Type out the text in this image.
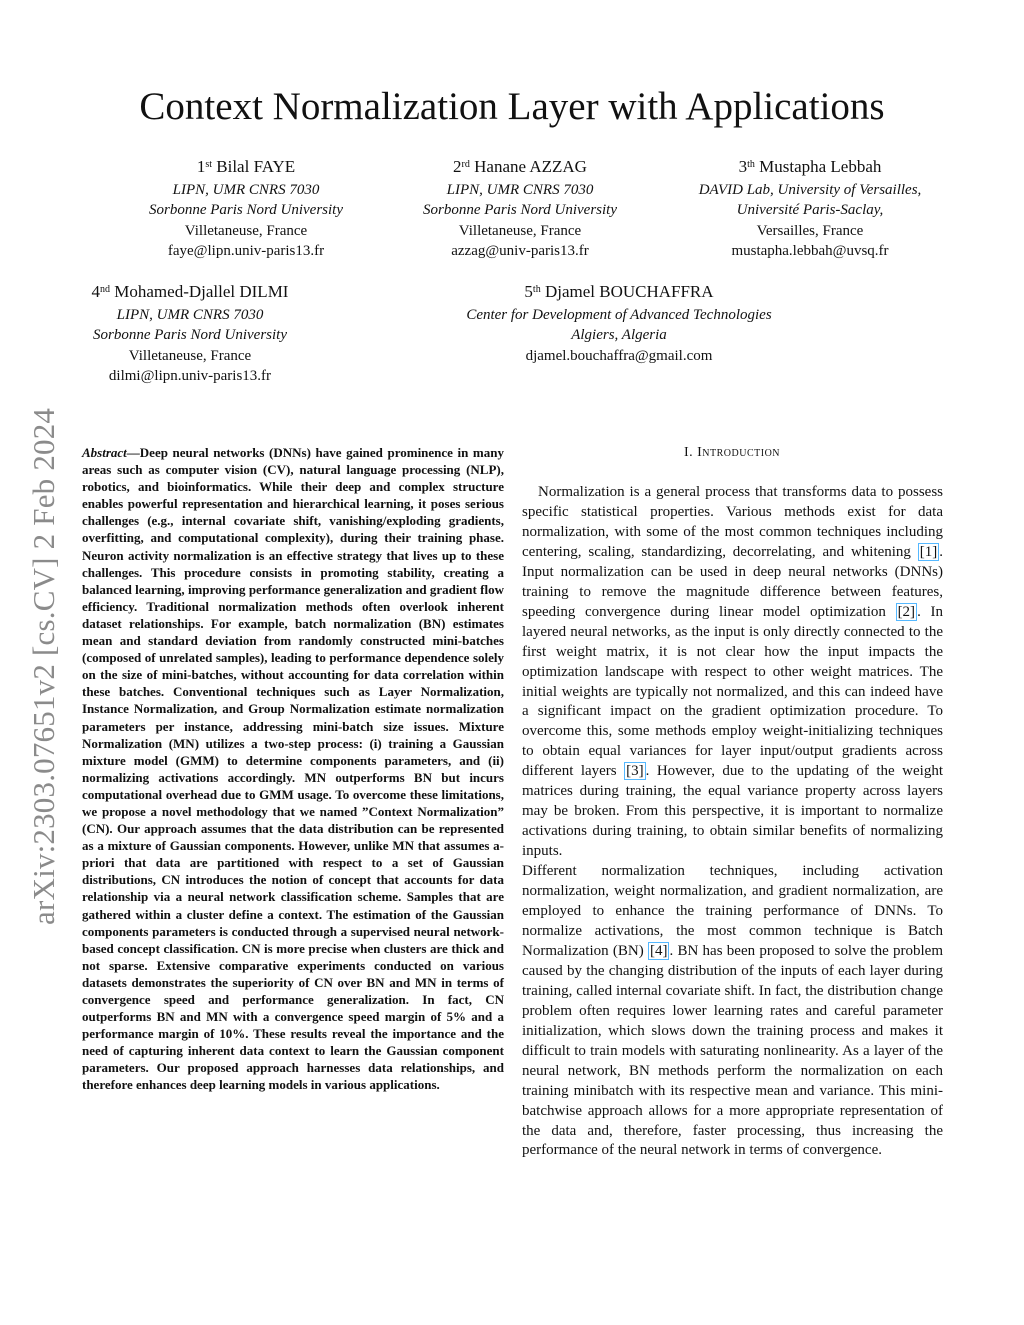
arXiv:2303.07651v2 [cs.CV] 2 Feb 2024
Context Normalization Layer with Applications
1st Bilal FAYE
LIPN, UMR CNRS 7030
Sorbonne Paris Nord University
Villetaneuse, France
faye@lipn.univ-paris13.fr
2rd Hanane AZZAG
LIPN, UMR CNRS 7030
Sorbonne Paris Nord University
Villetaneuse, France
azzag@univ-paris13.fr
3th Mustapha Lebbah
DAVID Lab, University of Versailles,
Université Paris-Saclay,
Versailles, France
mustapha.lebbah@uvsq.fr
4nd Mohamed-Djallel DILMI
LIPN, UMR CNRS 7030
Sorbonne Paris Nord University
Villetaneuse, France
dilmi@lipn.univ-paris13.fr
5th Djamel BOUCHAFFRA
Center for Development of Advanced Technologies
Algiers, Algeria
djamel.bouchaffra@gmail.com
Abstract—Deep neural networks (DNNs) have gained prominence in many areas such as computer vision (CV), natural language processing (NLP), robotics, and bioinformatics. While their deep and complex structure enables powerful representation and hierarchical learning, it poses serious challenges (e.g., internal covariate shift, vanishing/exploding gradients, overfitting, and computational complexity), during their training phase. Neuron activity normalization is an effective strategy that lives up to these challenges. This procedure consists in promoting stability, creating a balanced learning, improving performance generalization and gradient flow efficiency. Traditional normalization methods often overlook inherent dataset relationships. For example, batch normalization (BN) estimates mean and standard deviation from randomly constructed mini-batches (composed of unrelated samples), leading to performance dependence solely on the size of mini-batches, without accounting for data correlation within these batches. Conventional techniques such as Layer Normalization, Instance Normalization, and Group Normalization estimate normalization parameters per instance, addressing mini-batch size issues. Mixture Normalization (MN) utilizes a two-step process: (i) training a Gaussian mixture model (GMM) to determine components parameters, and (ii) normalizing activations accordingly. MN outperforms BN but incurs computational overhead due to GMM usage. To overcome these limitations, we propose a novel methodology that we named ”Context Normalization” (CN). Our approach assumes that the data distribution can be represented as a mixture of Gaussian components. However, unlike MN that assumes a-priori that data are partitioned with respect to a set of Gaussian distributions, CN introduces the notion of concept that accounts for data relationship via a neural network classification scheme. Samples that are gathered within a cluster define a context. The estimation of the Gaussian components parameters is conducted through a supervised neural network-based concept classification. CN is more precise when clusters are thick and not sparse. Extensive comparative experiments conducted on various datasets demonstrates the superiority of CN over BN and MN in terms of convergence speed and performance generalization. In fact, CN outperforms BN and MN with a convergence speed margin of 5% and a performance margin of 10%. These results reveal the importance and the need of capturing inherent data context to learn the Gaussian component parameters. Our proposed approach harnesses data relationships, and therefore enhances deep learning models in various applications.
I. Introduction

Normalization is a general process that transforms data to possess specific statistical properties. Various methods exist for data normalization, with some of the most common techniques including centering, scaling, standardizing, decorrelating, and whitening [1] . Input normalization can be used in deep neural networks (DNNs) training to remove the magnitude difference between features, speeding convergence during linear model optimization [2] . In layered neural networks, as the input is only directly connected to the first weight matrix, it is not clear how the input impacts the optimization landscape with respect to other weight matrices. The initial weights are typically not normalized, and this can indeed have a significant impact on the gradient optimization procedure. To overcome this, some methods employ weight-initializing techniques to obtain equal variances for layer input/output gradients across different layers [3] . However, due to the updating of the weight matrices during training, the equal variance property across layers may be broken. From this perspective, it is important to normalize activations during training, to obtain similar benefits of normalizing inputs.

Different normalization techniques, including activation normalization, weight normalization, and gradient normalization, are employed to enhance the training performance of DNNs. To normalize activations, the most common technique is Batch Normalization (BN) [4] . BN has been proposed to solve the problem caused by the changing distribution of the inputs of each layer during training, called internal covariate shift. In fact, the distribution change problem often requires lower learning rates and careful parameter initialization, which slows down the training process and makes it difficult to train models with saturating nonlinearity. As a layer of the neural network, BN methods perform the normalization on each training minibatch with its respective mean and variance. This mini-batchwise approach allows for a more appropriate representation of the data and, therefore, faster processing, thus increasing the performance of the neural network in terms of convergence.
